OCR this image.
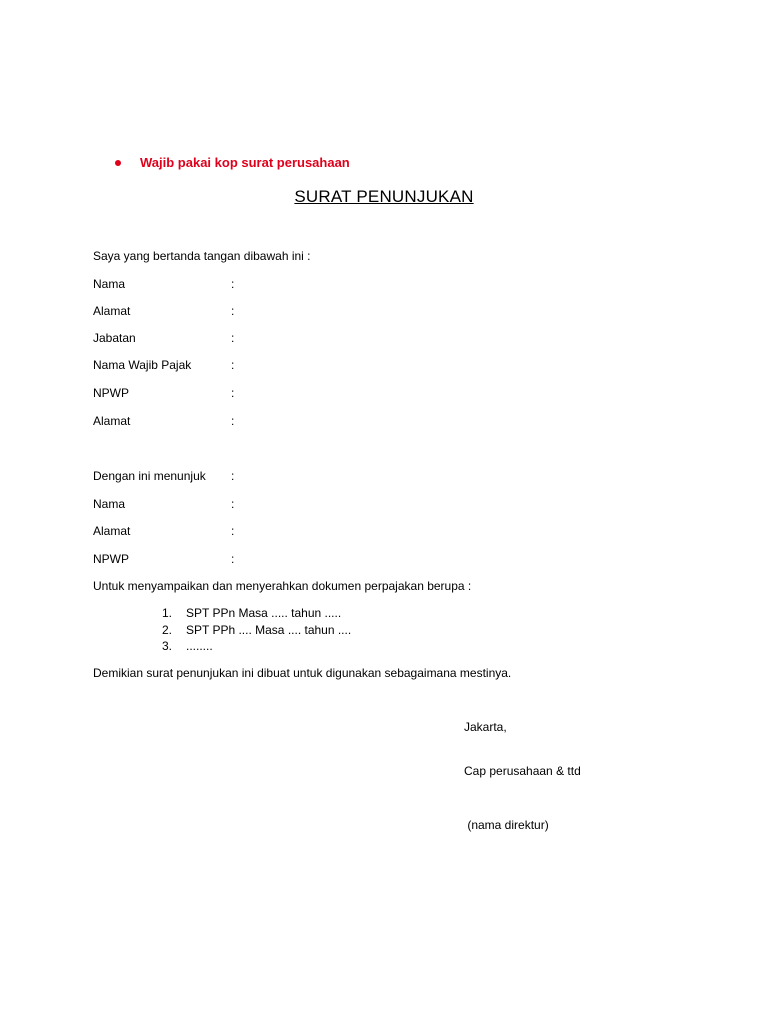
Wajib pakai kop surat perusahaan
SURAT PENUNJUKAN
Saya yang bertanda tangan dibawah ini :
Nama	:
Alamat	:
Jabatan	:
Nama Wajib Pajak	:
NPWP	:
Alamat	:
Dengan ini menunjuk :
Nama	:
Alamat	:
NPWP	:
Untuk menyampaikan dan menyerahkan dokumen perpajakan berupa :
1. SPT PPn Masa ..... tahun .....
2. SPT PPh .... Masa .... tahun ....
3. ........
Demikian surat penunjukan ini dibuat untuk digunakan sebagaimana mestinya.
Jakarta,
Cap perusahaan & ttd
(nama direktur)
